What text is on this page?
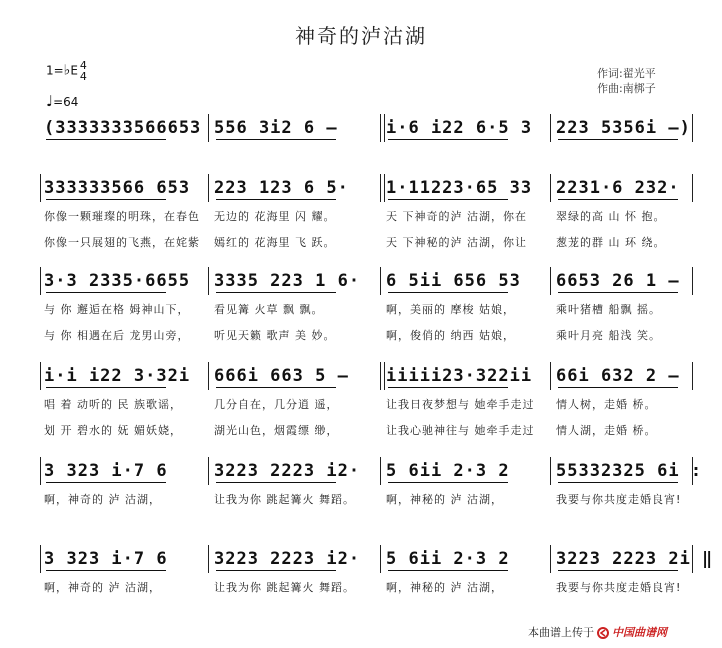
神奇的泸沽湖
1=♭E 4
4
♩=64
作词:翟光平
作曲:南梆子
(3333333566653 556 3i2 6 –	i·6 i22 6·5 3 223 5356i –)
333333566 653 223 123 6 5· 1·11223·65 33 2231·6 232·
你像一颗璀璨的明珠，在春色 无边的 花海里 闪 耀。	天 下神奇的泸 沽湖，你在	翠绿的高 山 怀 抱。
你像一只展翅的飞燕，在姹紫 嫣红的 花海里 飞 跃。	天 下神秘的泸 沽湖，你让	葱茏的群 山 环 绕。
3·3 2335·6655 3335 223 1 6· 6 5ii 656 53 6653 26 1 –
与 你 邂逅在格 姆神山下， 看见篝 火草 飘 飘。	啊，美丽的 摩梭 姑娘，	乘叶猪槽 船飘 摇。
与 你 相遇在后 龙男山旁， 听见天籁 歌声 美 妙。	啊，俊俏的 纳西 姑娘，	乘叶月亮 船浅 笑。
i·i i22 3·32i 666i 663 5 – iiiii23·322ii 66i 632 2 –
唱 着 动听的 民 族歌谣，	几分自在，几分逍 遥，	让我日夜梦想与 她牵手走过 情人树，走婚 桥。
划 开 碧水的 妩 媚妖娆，	湖光山色，烟霞缥 缈，	让我心驰神往与 她牵手走过 情人湖，走婚 桥。
3 323 i·7 6	3223 2223 i2· 5 6ii 2·3 2	55332325 6i :
啊，神奇的 泸 沽湖，	让我为你 跳起篝火 舞蹈。	啊，神秘的 泸 沽湖，	我要与你共度走婚良宵!
3 323 i·7 6	3223 2223 i2· 5 6ii 2·3 2	3223 2223 2i ‖
啊，神奇的 泸 沽湖，	让我为你 跳起篝火 舞蹈。	啊，神秘的 泸 沽湖，	我要与你共度走婚良宵!
本曲谱上传于 中国曲谱网
